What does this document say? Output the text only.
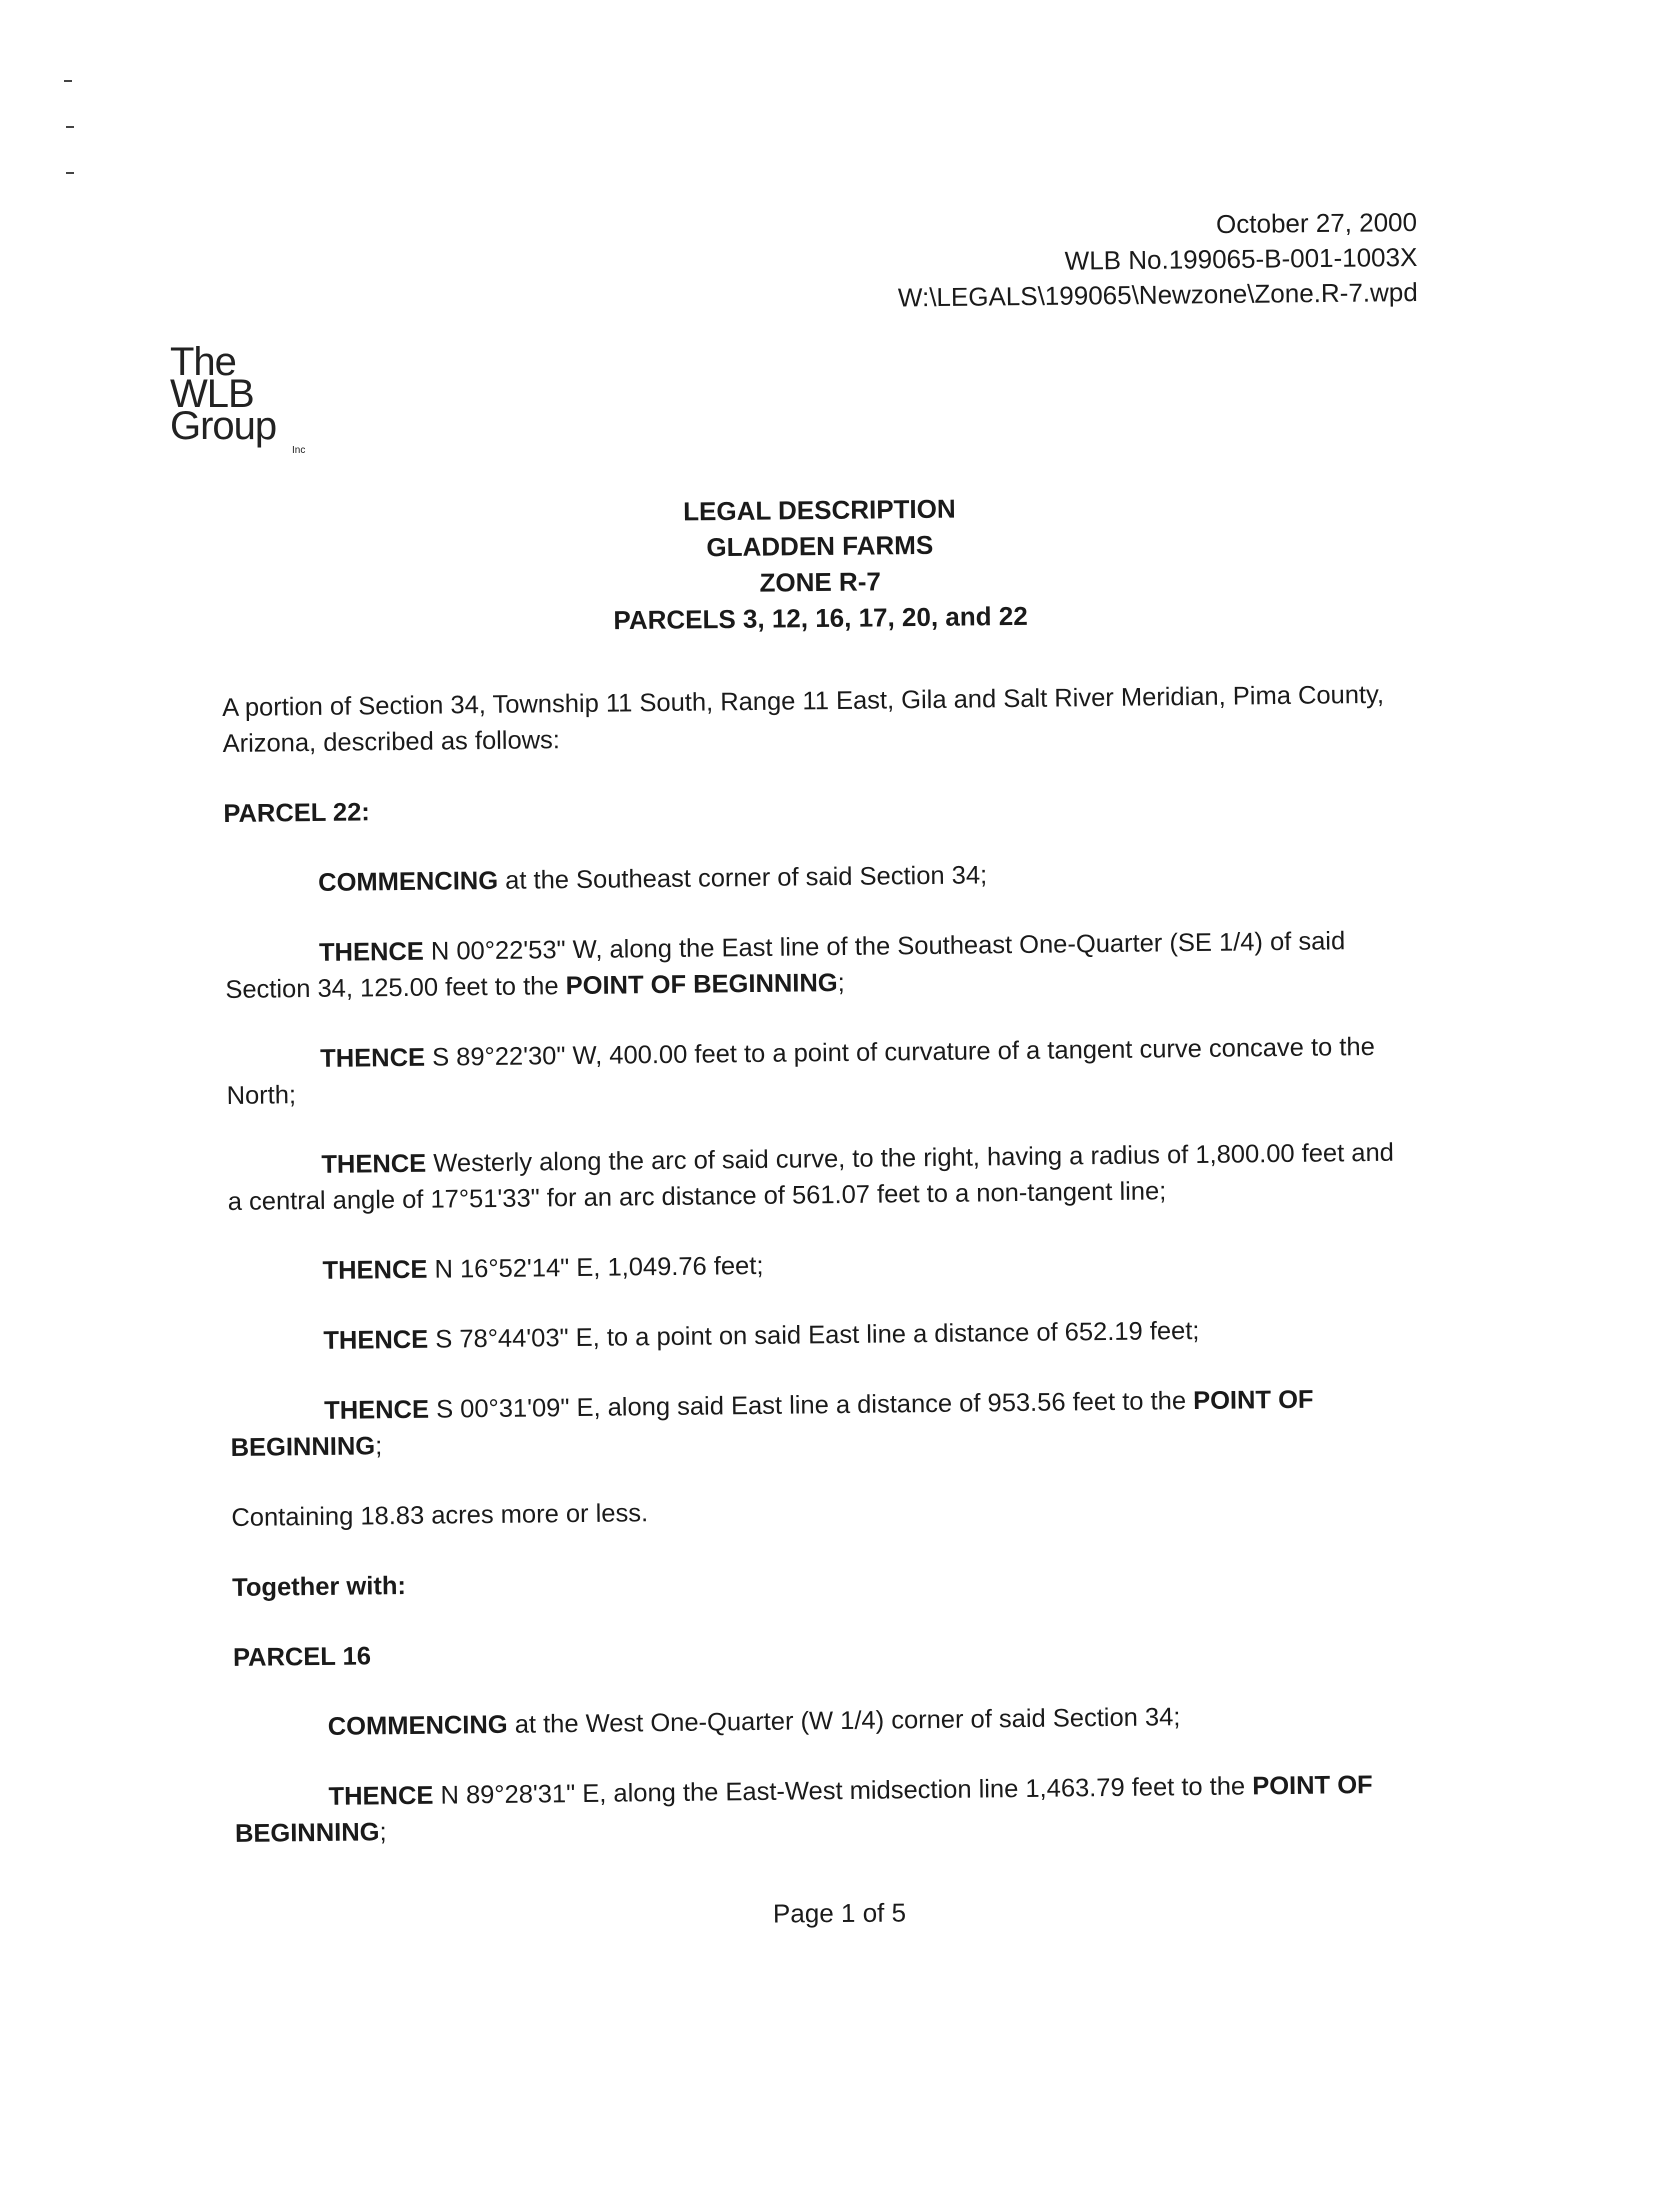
October 27, 2000
WLB No.199065-B-001-1003X
W:\LEGALS\199065\Newzone\Zone.R-7.wpd
The
WLB
Group
Inc
LEGAL DESCRIPTION
GLADDEN FARMS
ZONE R-7
PARCELS 3, 12, 16, 17, 20, and 22

A portion of Section 34, Township 11 South, Range 11 East, Gila and Salt River Meridian, Pima County, Arizona, described as follows:

PARCEL 22:

COMMENCING at the Southeast corner of said Section 34;

THENCE N 00°22'53" W, along the East line of the Southeast One-Quarter (SE 1/4) of said Section 34, 125.00 feet to the POINT OF BEGINNING;

THENCE S 89°22'30" W, 400.00 feet to a point of curvature of a tangent curve concave to the North;

THENCE Westerly along the arc of said curve, to the right, having a radius of 1,800.00 feet and a central angle of 17°51'33" for an arc distance of 561.07 feet to a non-tangent line;

THENCE N 16°52'14" E, 1,049.76 feet;

THENCE S 78°44'03" E, to a point on said East line a distance of 652.19 feet;

THENCE S 00°31'09" E, along said East line a distance of 953.56 feet to the POINT OF BEGINNING;

Containing 18.83 acres more or less.

Together with:

PARCEL 16

COMMENCING at the West One-Quarter (W 1/4) corner of said Section 34;

THENCE N 89°28'31" E, along the East-West midsection line 1,463.79 feet to the POINT OF BEGINNING;

Page 1 of 5
